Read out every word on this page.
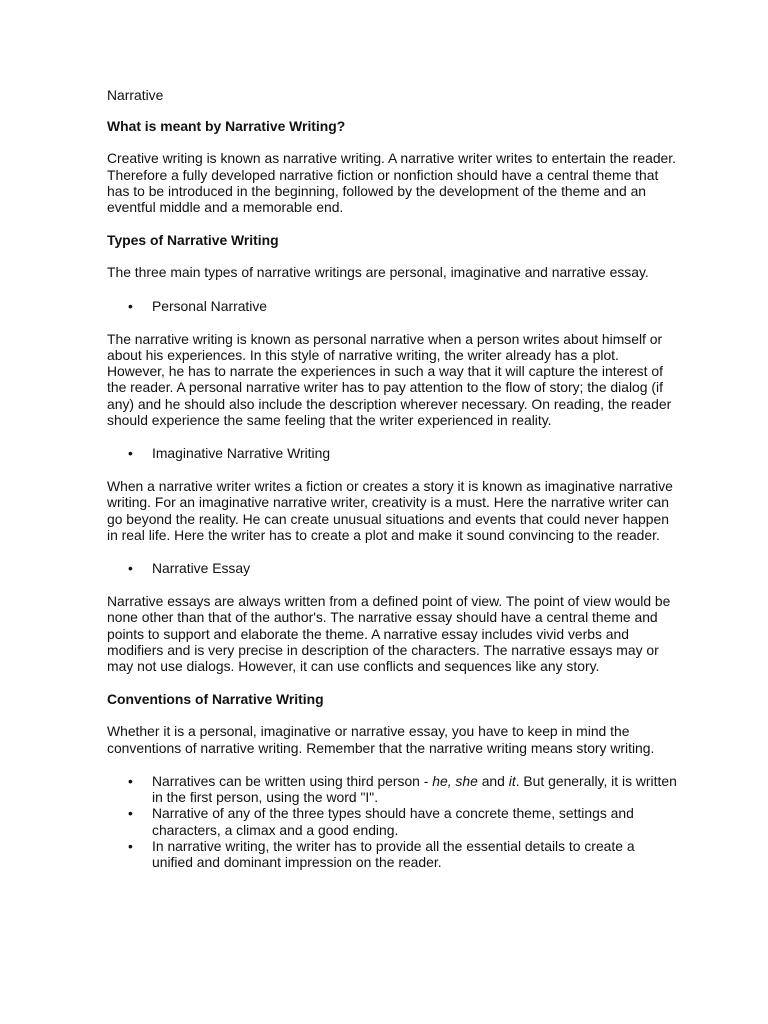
Narrative

What is meant by Narrative Writing?

Creative writing is known as narrative writing. A narrative writer writes to entertain the reader. Therefore a fully developed narrative fiction or nonfiction should have a central theme that has to be introduced in the beginning, followed by the development of the theme and an eventful middle and a memorable end.

Types of Narrative Writing

The three main types of narrative writings are personal, imaginative and narrative essay.

• Personal Narrative

The narrative writing is known as personal narrative when a person writes about himself or about his experiences. In this style of narrative writing, the writer already has a plot. However, he has to narrate the experiences in such a way that it will capture the interest of the reader. A personal narrative writer has to pay attention to the flow of story; the dialog (if any) and he should also include the description wherever necessary. On reading, the reader should experience the same feeling that the writer experienced in reality.

• Imaginative Narrative Writing

When a narrative writer writes a fiction or creates a story it is known as imaginative narrative writing. For an imaginative narrative writer, creativity is a must. Here the narrative writer can go beyond the reality. He can create unusual situations and events that could never happen in real life. Here the writer has to create a plot and make it sound convincing to the reader.

• Narrative Essay

Narrative essays are always written from a defined point of view. The point of view would be none other than that of the author's. The narrative essay should have a central theme and points to support and elaborate the theme. A narrative essay includes vivid verbs and modifiers and is very precise in description of the characters. The narrative essays may or may not use dialogs. However, it can use conflicts and sequences like any story.

Conventions of Narrative Writing

Whether it is a personal, imaginative or narrative essay, you have to keep in mind the conventions of narrative writing. Remember that the narrative writing means story writing.

• Narratives can be written using third person - he, she and it. But generally, it is written in the first person, using the word "I".
• Narrative of any of the three types should have a concrete theme, settings and characters, a climax and a good ending.
• In narrative writing, the writer has to provide all the essential details to create a unified and dominant impression on the reader.
